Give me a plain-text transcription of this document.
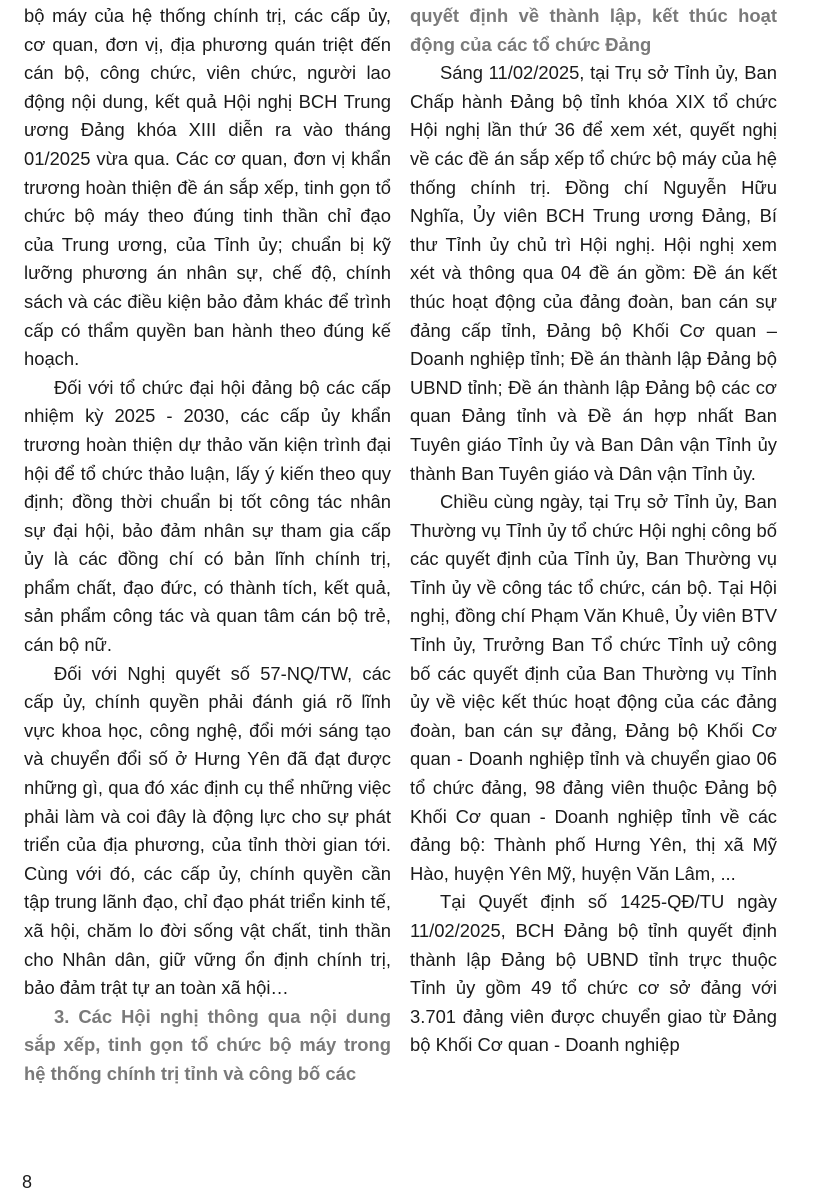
bộ máy của hệ thống chính trị, các cấp ủy, cơ quan, đơn vị, địa phương quán triệt đến cán bộ, công chức, viên chức, người lao động nội dung, kết quả Hội nghị BCH Trung ương Đảng khóa XIII diễn ra vào tháng 01/2025 vừa qua. Các cơ quan, đơn vị khẩn trương hoàn thiện đề án sắp xếp, tinh gọn tổ chức bộ máy theo đúng tinh thần chỉ đạo của Trung ương, của Tỉnh ủy; chuẩn bị kỹ lưỡng phương án nhân sự, chế độ, chính sách và các điều kiện bảo đảm khác để trình cấp có thẩm quyền ban hành theo đúng kế hoạch.

Đối với tổ chức đại hội đảng bộ các cấp nhiệm kỳ 2025 - 2030, các cấp ủy khẩn trương hoàn thiện dự thảo văn kiện trình đại hội để tổ chức thảo luận, lấy ý kiến theo quy định; đồng thời chuẩn bị tốt công tác nhân sự đại hội, bảo đảm nhân sự tham gia cấp ủy là các đồng chí có bản lĩnh chính trị, phẩm chất, đạo đức, có thành tích, kết quả, sản phẩm công tác và quan tâm cán bộ trẻ, cán bộ nữ.

Đối với Nghị quyết số 57-NQ/TW, các cấp ủy, chính quyền phải đánh giá rõ lĩnh vực khoa học, công nghệ, đổi mới sáng tạo và chuyển đổi số ở Hưng Yên đã đạt được những gì, qua đó xác định cụ thể những việc phải làm và coi đây là động lực cho sự phát triển của địa phương, của tỉnh thời gian tới. Cùng với đó, các cấp ủy, chính quyền cần tập trung lãnh đạo, chỉ đạo phát triển kinh tế, xã hội, chăm lo đời sống vật chất, tinh thần cho Nhân dân, giữ vững ổn định chính trị, bảo đảm trật tự an toàn xã hội…

3. Các Hội nghị thông qua nội dung sắp xếp, tinh gọn tổ chức bộ máy trong hệ thống chính trị tỉnh và công bố các

quyết định về thành lập, kết thúc hoạt động của các tổ chức Đảng

Sáng 11/02/2025, tại Trụ sở Tỉnh ủy, Ban Chấp hành Đảng bộ tỉnh khóa XIX tổ chức Hội nghị lần thứ 36 để xem xét, quyết nghị về các đề án sắp xếp tổ chức bộ máy của hệ thống chính trị. Đồng chí Nguyễn Hữu Nghĩa, Ủy viên BCH Trung ương Đảng, Bí thư Tỉnh ủy chủ trì Hội nghị. Hội nghị xem xét và thông qua 04 đề án gồm: Đề án kết thúc hoạt động của đảng đoàn, ban cán sự đảng cấp tỉnh, Đảng bộ Khối Cơ quan – Doanh nghiệp tỉnh; Đề án thành lập Đảng bộ UBND tỉnh; Đề án thành lập Đảng bộ các cơ quan Đảng tỉnh và Đề án hợp nhất Ban Tuyên giáo Tỉnh ủy và Ban Dân vận Tỉnh ủy thành Ban Tuyên giáo và Dân vận Tỉnh ủy.

Chiều cùng ngày, tại Trụ sở Tỉnh ủy, Ban Thường vụ Tỉnh ủy tổ chức Hội nghị công bố các quyết định của Tỉnh ủy, Ban Thường vụ Tỉnh ủy về công tác tổ chức, cán bộ. Tại Hội nghị, đồng chí Phạm Văn Khuê, Ủy viên BTV Tỉnh ủy, Trưởng Ban Tổ chức Tỉnh uỷ công bố các quyết định của Ban Thường vụ Tỉnh ủy về việc kết thúc hoạt động của các đảng đoàn, ban cán sự đảng, Đảng bộ Khối Cơ quan - Doanh nghiệp tỉnh và chuyển giao 06 tổ chức đảng, 98 đảng viên thuộc Đảng bộ Khối Cơ quan - Doanh nghiệp tỉnh về các đảng bộ: Thành phố Hưng Yên, thị xã Mỹ Hào, huyện Yên Mỹ, huyện Văn Lâm, ...

Tại Quyết định số 1425-QĐ/TU ngày 11/02/2025, BCH Đảng bộ tỉnh quyết định thành lập Đảng bộ UBND tỉnh trực thuộc Tỉnh ủy gồm 49 tổ chức cơ sở đảng với 3.701 đảng viên được chuyển giao từ Đảng bộ Khối Cơ quan - Doanh nghiệp

8
